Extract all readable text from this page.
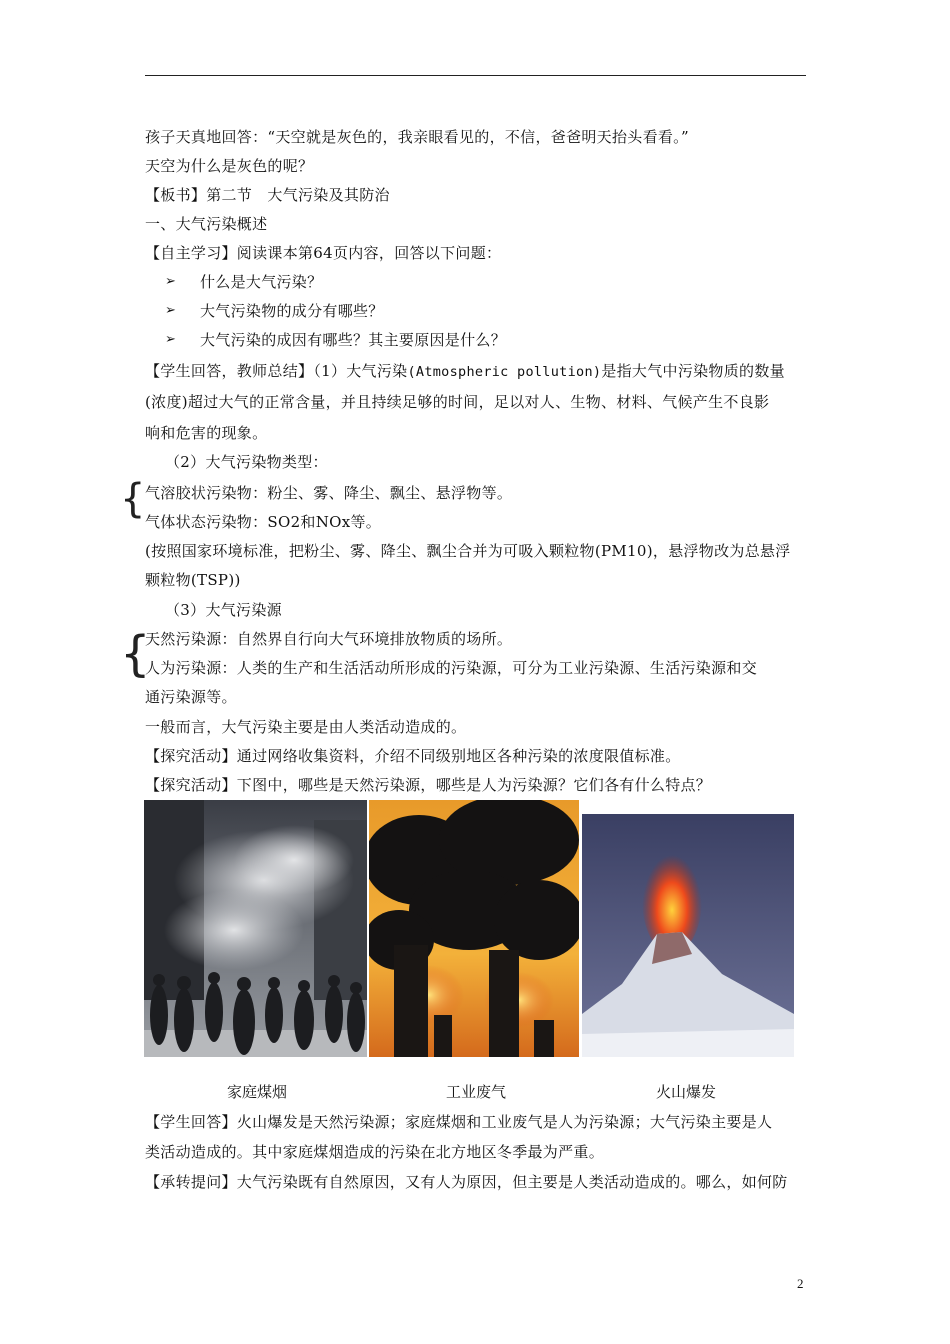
孩子天真地回答：“天空就是灰色的，我亲眼看见的，不信，爸爸明天抬头看看。”
天空为什么是灰色的呢？
【板书】第二节　大气污染及其防治
一、大气污染概述
【自主学习】阅读课本第64页内容，回答以下问题：
➢ 什么是大气污染？
➢ 大气污染物的成分有哪些？
➢ 大气污染的成因有哪些？其主要原因是什么？
【学生回答，教师总结】（1）大气污染(Atmospheric pollution)是指大气中污染物质的数量
(浓度)超过大气的正常含量，并且持续足够的时间，足以对人、生物、材料、气候产生不良影
响和危害的现象。
（2）大气污染物类型：
{ 气溶胶状污染物：粉尘、雾、降尘、飘尘、悬浮物等。
气体状态污染物：SO2和NOx等。
(按照国家环境标准，把粉尘、雾、降尘、飘尘合并为可吸入颗粒物(PM10)，悬浮物改为总悬浮
颗粒物(TSP))
（3）大气污染源
{
天然污染源：自然界自行向大气环境排放物质的场所。
人为污染源：人类的生产和生活活动所形成的污染源，可分为工业污染源、生活污染源和交
通污染源等。
一般而言，大气污染主要是由人类活动造成的。
【探究活动】通过网络收集资料，介绍不同级别地区各种污染的浓度限值标准。
【探究活动】下图中，哪些是天然污染源，哪些是人为污染源？它们各有什么特点？
家庭煤烟	工业废气	火山爆发
【学生回答】火山爆发是天然污染源；家庭煤烟和工业废气是人为污染源；大气污染主要是人
类活动造成的。其中家庭煤烟造成的污染在北方地区冬季最为严重。
【承转提问】大气污染既有自然原因，又有人为原因，但主要是人类活动造成的。哪么，如何防
2
